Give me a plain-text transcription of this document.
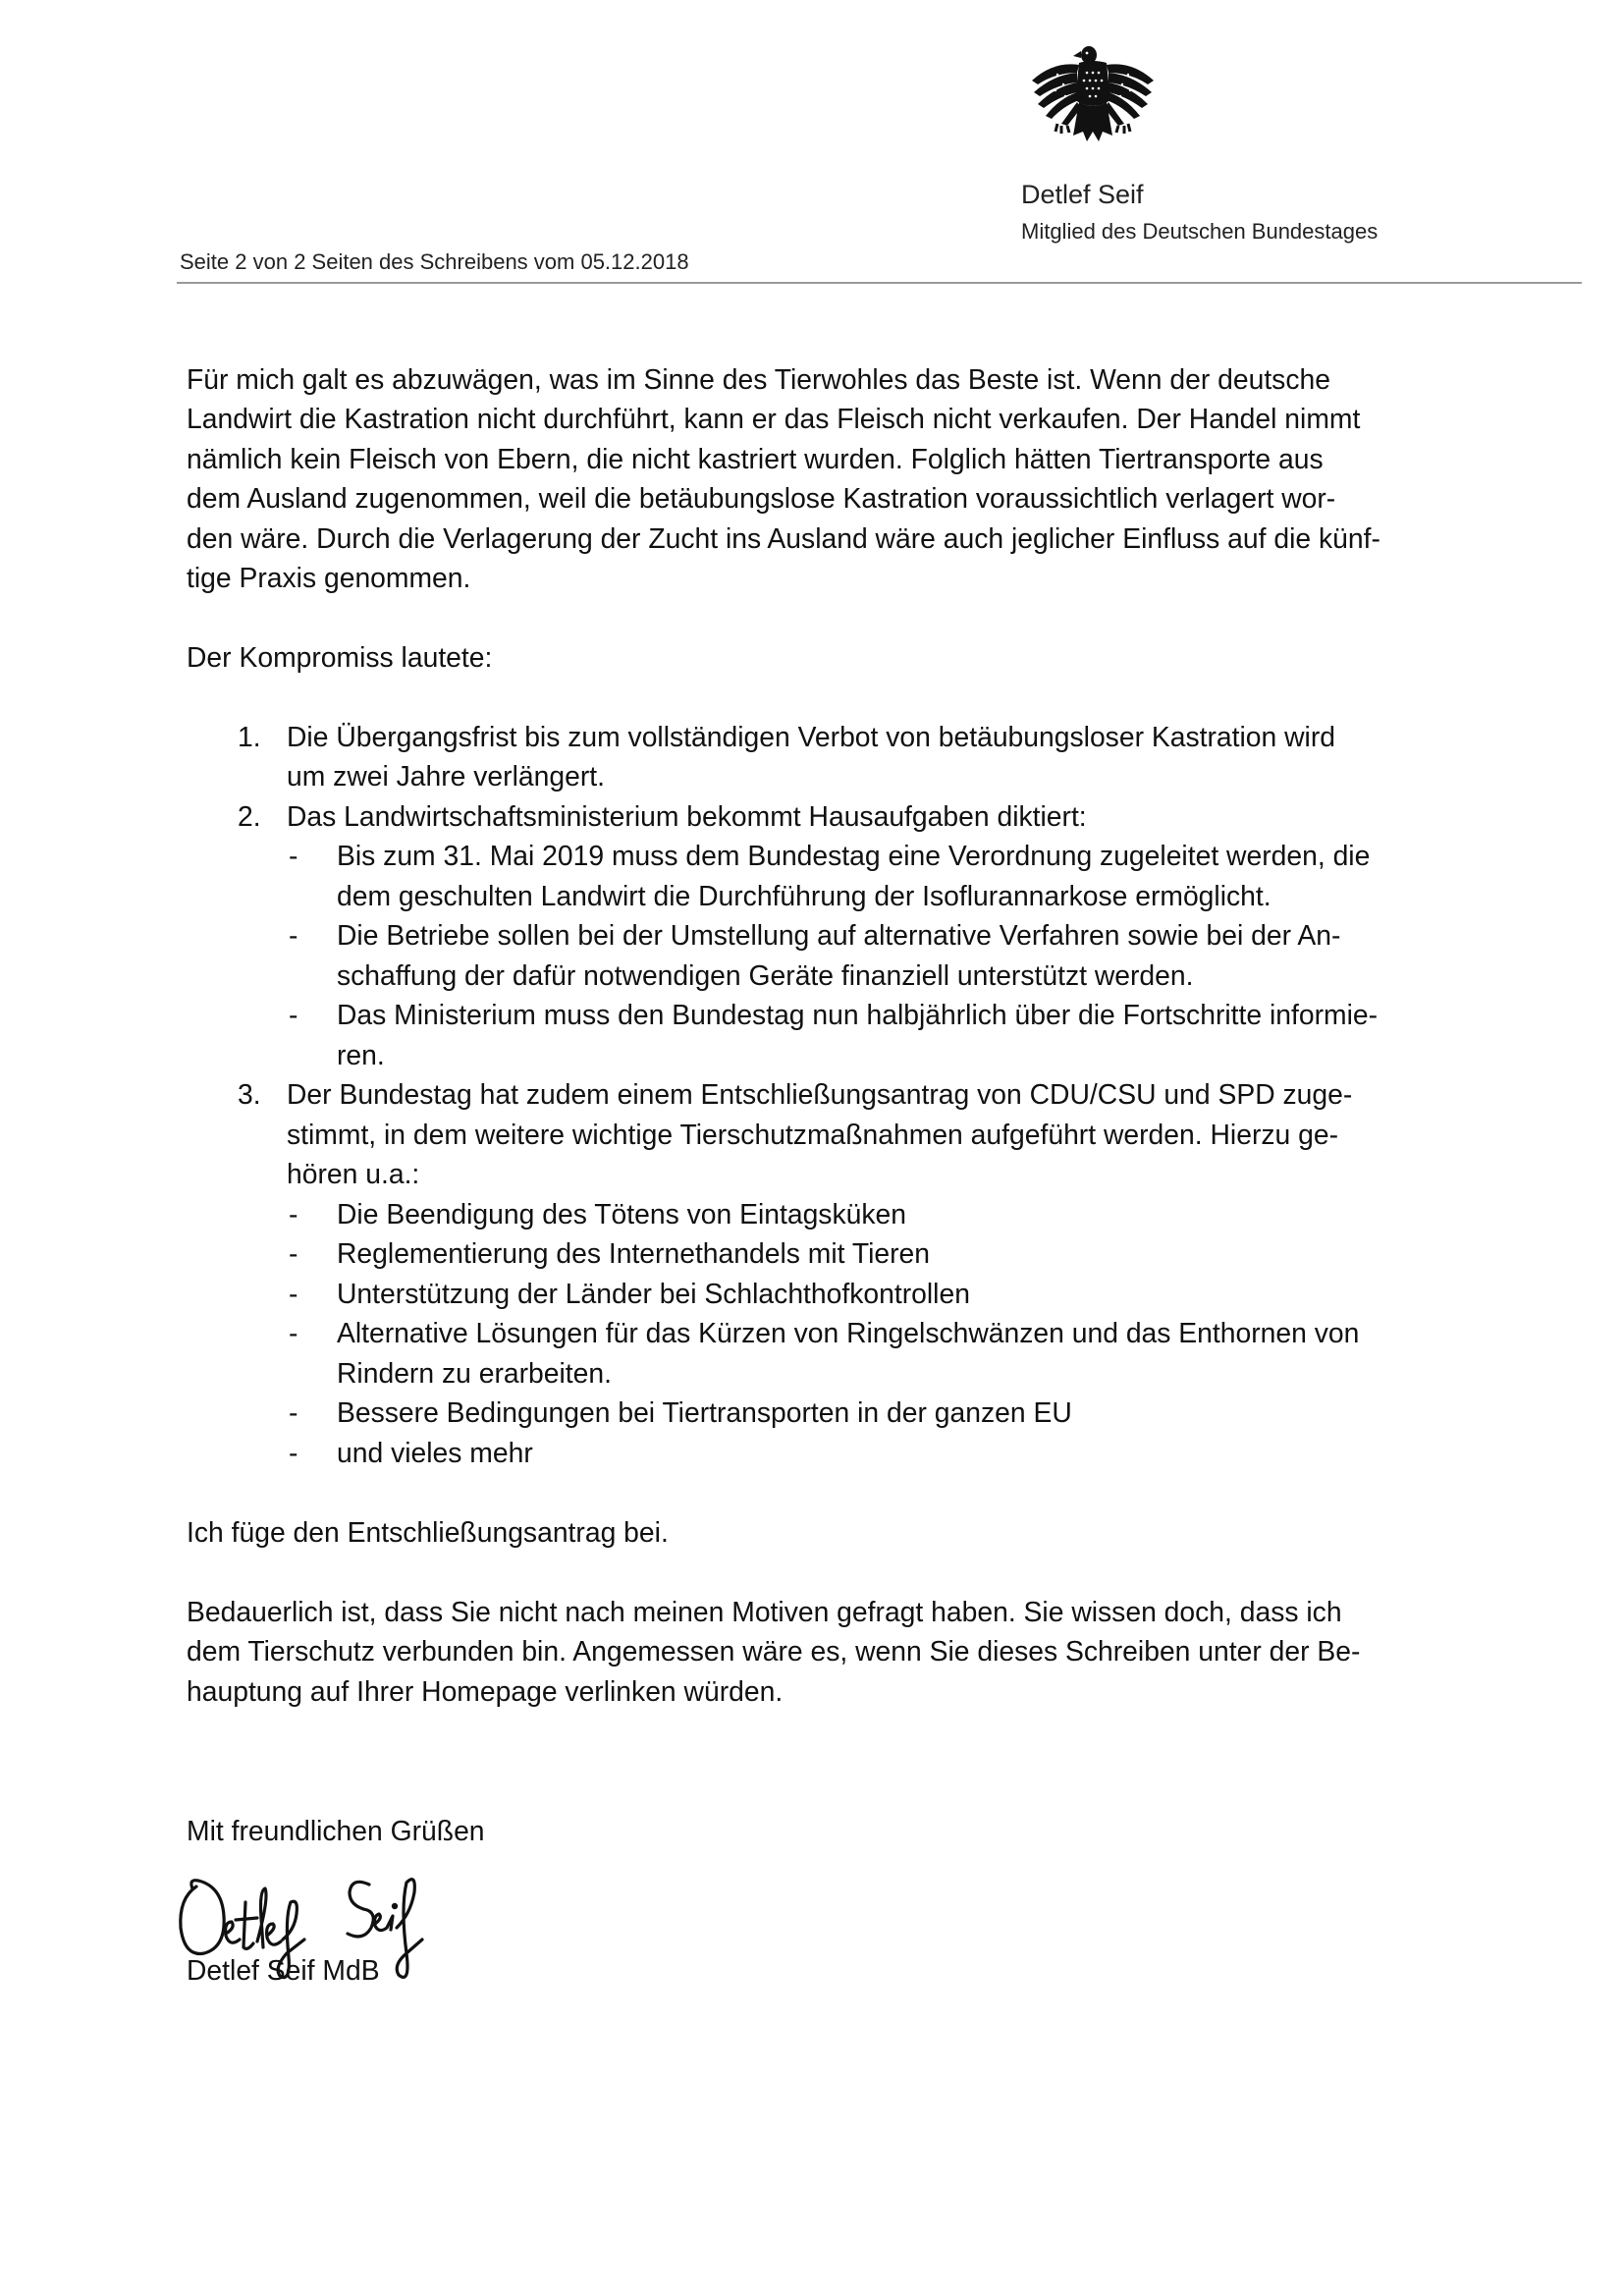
Detlef Seif
Mitglied des Deutschen Bundestages
Seite 2 von 2 Seiten des Schreibens vom 05.12.2018
Für mich galt es abzuwägen, was im Sinne des Tierwohles das Beste ist. Wenn der deutsche
Landwirt die Kastration nicht durchführt, kann er das Fleisch nicht verkaufen. Der Handel nimmt
nämlich kein Fleisch von Ebern, die nicht kastriert wurden. Folglich hätten Tiertransporte aus
dem Ausland zugenommen, weil die betäubungslose Kastration voraussichtlich verlagert wor-
den wäre. Durch die Verlagerung der Zucht ins Ausland wäre auch jeglicher Einfluss auf die künf-
tige Praxis genommen.
Der Kompromiss lautete:
1. Die Übergangsfrist bis zum vollständigen Verbot von betäubungsloser Kastration wird
um zwei Jahre verlängert.
2. Das Landwirtschaftsministerium bekommt Hausaufgaben diktiert:
- Bis zum 31. Mai 2019 muss dem Bundestag eine Verordnung zugeleitet werden, die
dem geschulten Landwirt die Durchführung der Isoflurannarkose ermöglicht.
- Die Betriebe sollen bei der Umstellung auf alternative Verfahren sowie bei der An-
schaffung der dafür notwendigen Geräte finanziell unterstützt werden.
- Das Ministerium muss den Bundestag nun halbjährlich über die Fortschritte informie-
ren.
3. Der Bundestag hat zudem einem Entschließungsantrag von CDU/CSU und SPD zuge-
stimmt, in dem weitere wichtige Tierschutzmaßnahmen aufgeführt werden. Hierzu ge-
hören u.a.:
- Die Beendigung des Tötens von Eintagsküken
- Reglementierung des Internethandels mit Tieren
- Unterstützung der Länder bei Schlachthofkontrollen
- Alternative Lösungen für das Kürzen von Ringelschwänzen und das Enthornen von
Rindern zu erarbeiten.
- Bessere Bedingungen bei Tiertransporten in der ganzen EU
- und vieles mehr
Ich füge den Entschließungsantrag bei.
Bedauerlich ist, dass Sie nicht nach meinen Motiven gefragt haben. Sie wissen doch, dass ich
dem Tierschutz verbunden bin. Angemessen wäre es, wenn Sie dieses Schreiben unter der Be-
hauptung auf Ihrer Homepage verlinken würden.
Mit freundlichen Grüßen
Detlef Seif MdB
